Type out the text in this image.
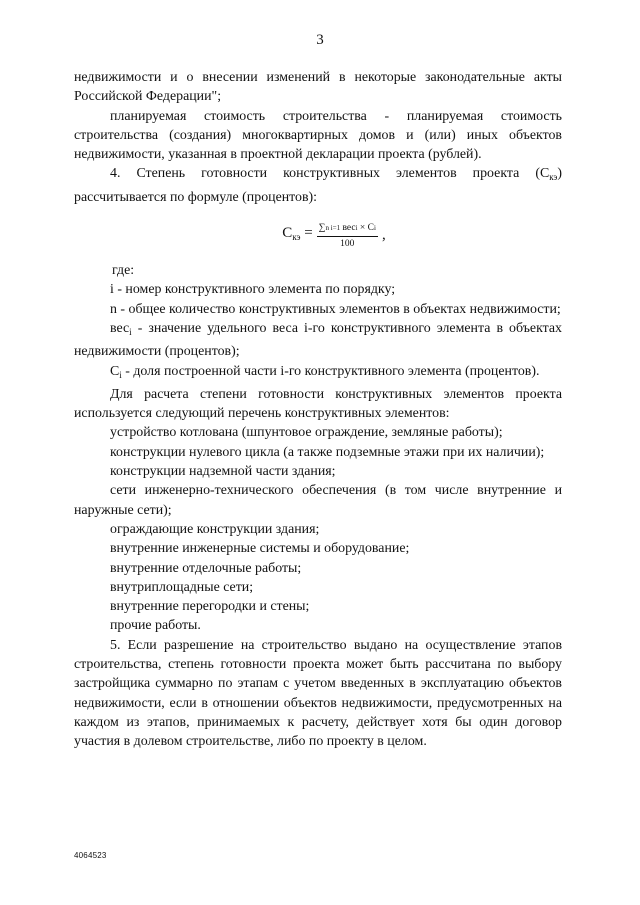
3

недвижимости и о внесении изменений в некоторые законодательные акты Российской Федерации";

планируемая стоимость строительства - планируемая стоимость строительства (создания) многоквартирных домов и (или) иных объектов недвижимости, указанная в проектной декларации проекта (рублей).

4. Степень готовности конструктивных элементов проекта $(С_{кэ})$ рассчитывается по формуле (процентов):

$С_{кэ} = \frac{\text{∑n i=1 весi × Сi}}{100}$ ,

где:

i - номер конструктивного элемента по порядку;

n - общее количество конструктивных элементов в объектах недвижимости;

вес$_i$ - значение удельного веса i-го конструктивного элемента в объектах недвижимости (процентов);

$С_i$ - доля построенной части i-го конструктивного элемента (процентов).

Для расчета степени готовности конструктивных элементов проекта используется следующий перечень конструктивных элементов:

устройство котлована (шпунтовое ограждение, земляные работы);

конструкции нулевого цикла (а также подземные этажи при их наличии);

конструкции надземной части здания;

сети инженерно-технического обеспечения (в том числе внутренние и наружные сети);

ограждающие конструкции здания;

внутренние инженерные системы и оборудование;

внутренние отделочные работы;

внутриплощадные сети;

внутренние перегородки и стены;

прочие работы.

5. Если разрешение на строительство выдано на осуществление этапов строительства, степень готовности проекта может быть рассчитана по выбору застройщика суммарно по этапам с учетом введенных в эксплуатацию объектов недвижимости, если в отношении объектов недвижимости, предусмотренных на каждом из этапов, принимаемых к расчету, действует хотя бы один договор участия в долевом строительстве, либо по проекту в целом.

4064523
